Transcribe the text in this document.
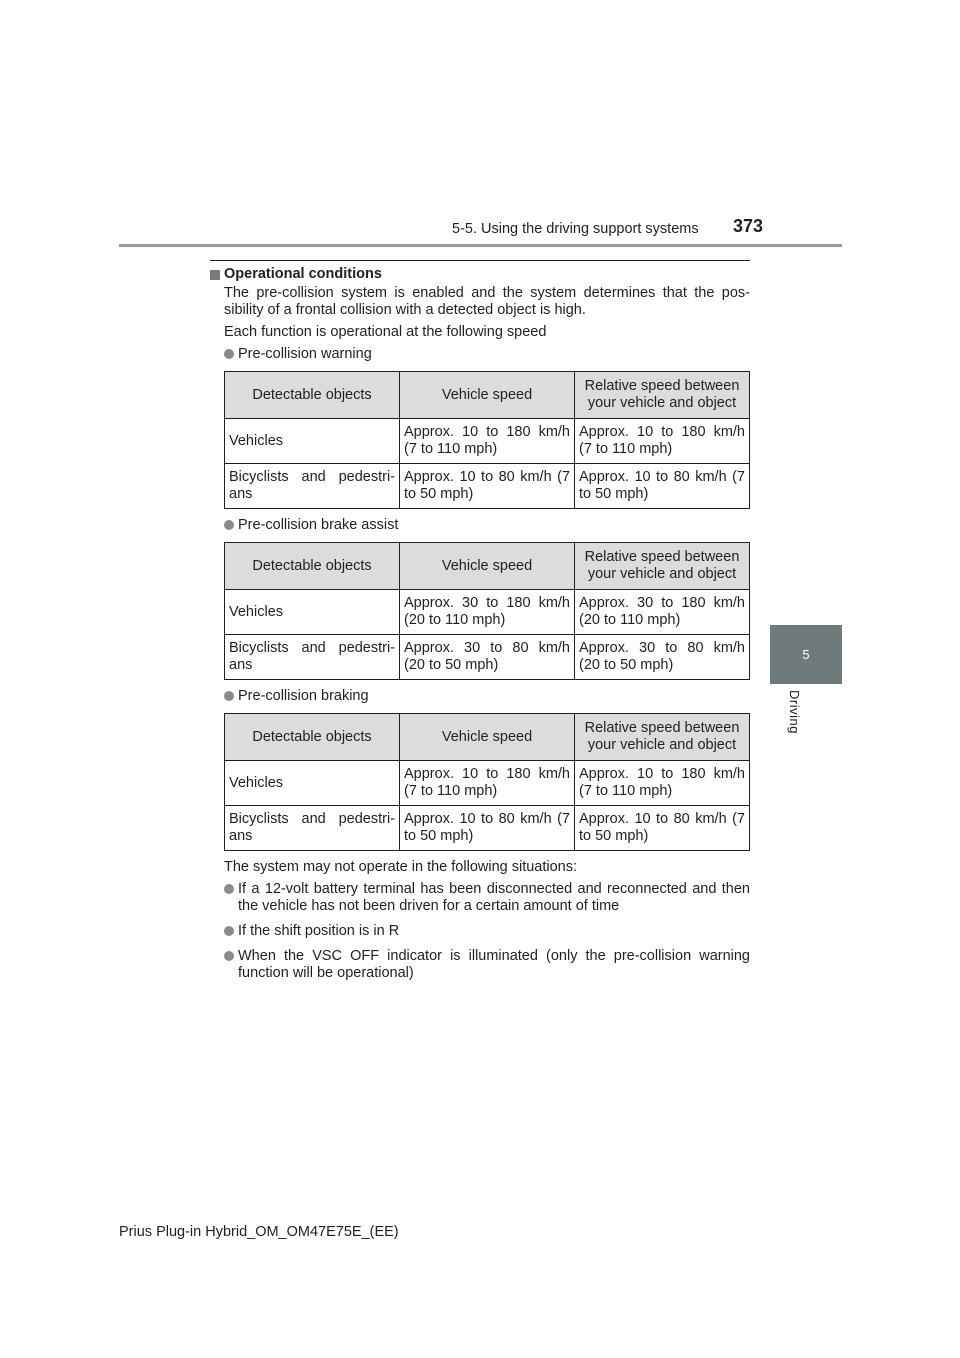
5-5. Using the driving support systems 373
5
Driving
Operational conditions

The pre-collision system is enabled and the system determines that the pos-sibility of a frontal collision with a detected object is high.

Each function is operational at the following speed

Pre-collision warning
Detectable objects	Vehicle speed	Relative speed between your vehicle and object
Vehicles	Approx. 10 to 180 km/h (7 to 110 mph)	Approx. 10 to 180 km/h (7 to 110 mph)
Bicyclists and pedestri-ans	Approx. 10 to 80 km/h (7 to 50 mph)	Approx. 10 to 80 km/h (7 to 50 mph)
Pre-collision brake assist
Detectable objects	Vehicle speed	Relative speed between your vehicle and object
Vehicles	Approx. 30 to 180 km/h (20 to 110 mph)	Approx. 30 to 180 km/h (20 to 110 mph)
Bicyclists and pedestri-ans	Approx. 30 to 80 km/h (20 to 50 mph)	Approx. 30 to 80 km/h (20 to 50 mph)
Pre-collision braking
Detectable objects	Vehicle speed	Relative speed between your vehicle and object
Vehicles	Approx. 10 to 180 km/h (7 to 110 mph)	Approx. 10 to 180 km/h (7 to 110 mph)
Bicyclists and pedestri-ans	Approx. 10 to 80 km/h (7 to 50 mph)	Approx. 10 to 80 km/h (7 to 50 mph)

The system may not operate in the following situations:

If a 12-volt battery terminal has been disconnected and reconnected and then the vehicle has not been driven for a certain amount of time
If the shift position is in R
When the VSC OFF indicator is illuminated (only the pre-collision warning function will be operational)
Prius Plug-in Hybrid_OM_OM47E75E_(EE)
